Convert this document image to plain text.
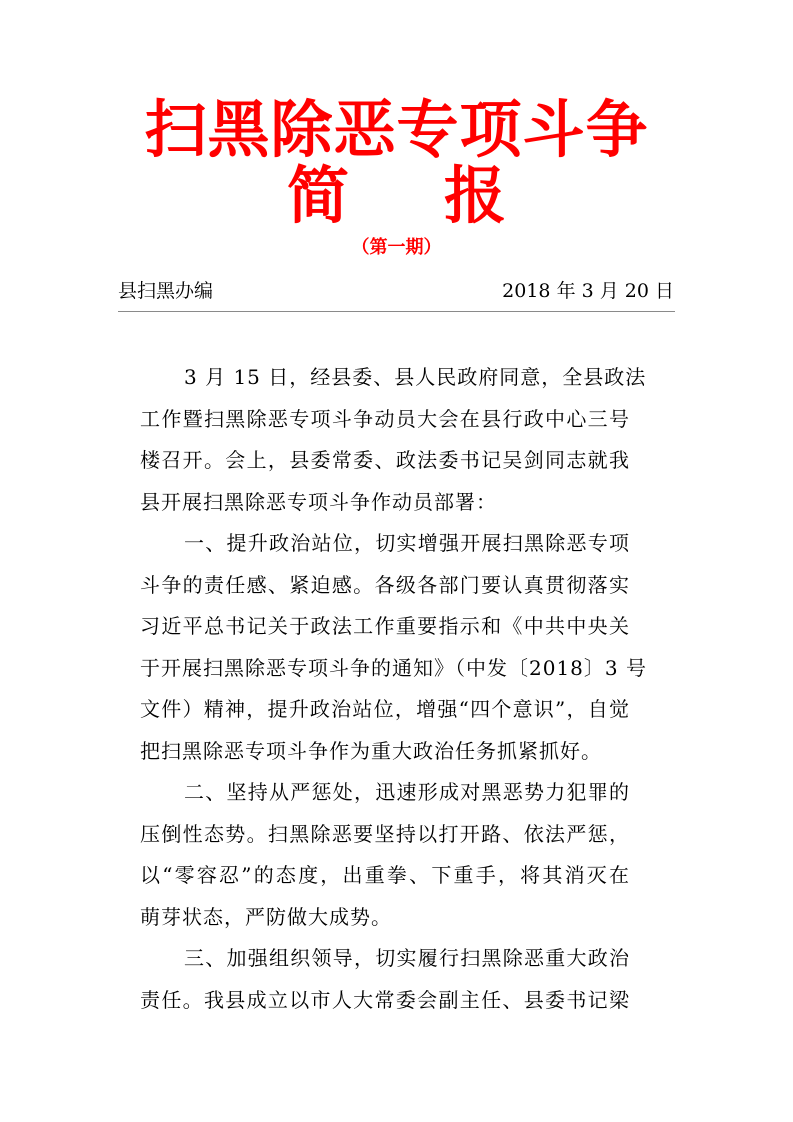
扫黑除恶专项斗争
简 报
（第一期）
县扫黑办编	2018 年 3 月 20 日
3 月 15 日，经县委、县人民政府同意，全县政法
工作暨扫黑除恶专项斗争动员大会在县行政中心三号
楼召开。会上，县委常委、政法委书记吴剑同志就我
县开展扫黑除恶专项斗争作动员部署：
一、提升政治站位，切实增强开展扫黑除恶专项
斗争的责任感、紧迫感。各级各部门要认真贯彻落实
习近平总书记关于政法工作重要指示和《中共中央关
于开展扫黑除恶专项斗争的通知》（中发〔2018〕3 号
文件）精神，提升政治站位，增强“四个意识”，自觉
把扫黑除恶专项斗争作为重大政治任务抓紧抓好。
二、坚持从严惩处，迅速形成对黑恶势力犯罪的
压倒性态势。扫黑除恶要坚持以打开路、依法严惩，
以“零容忍”的态度，出重拳、下重手，将其消灭在
萌芽状态，严防做大成势。
三、加强组织领导，切实履行扫黑除恶重大政治
责任。我县成立以市人大常委会副主任、县委书记梁
